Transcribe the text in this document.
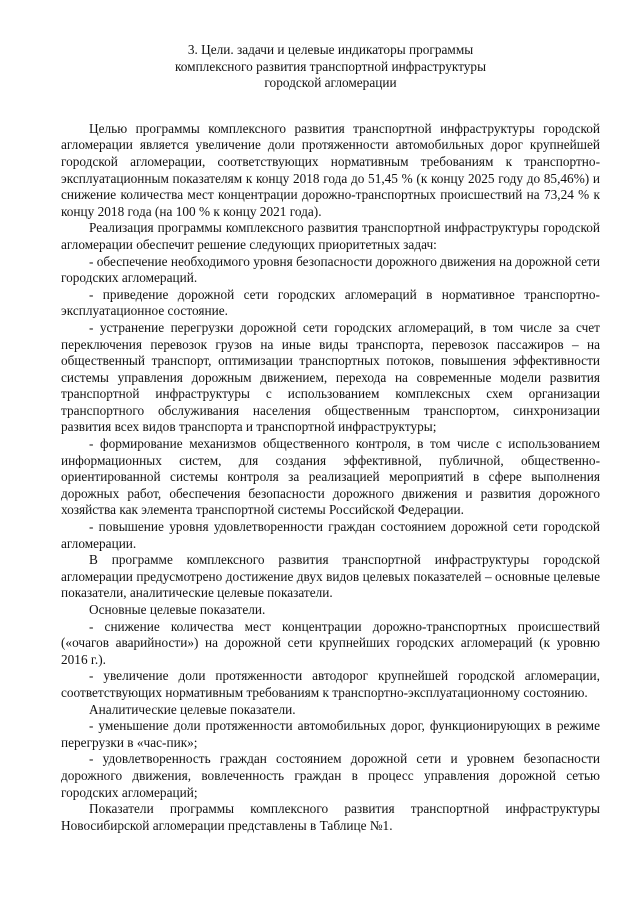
3. Цели. задачи и целевые индикаторы программы
комплексного развития транспортной инфраструктуры
городской агломерации

Целью программы комплексного развития транспортной инфраструктуры городской агломерации является увеличение доли протяженности автомобильных дорог крупнейшей городской агломерации, соответствующих нормативным требованиям к транспортно-эксплуатационным показателям к концу 2018 года до 51,45 % (к концу 2025 году до 85,46%) и снижение количества мест концентрации дорожно-транспортных происшествий на 73,24 % к концу 2018 года (на 100 % к концу 2021 года).

Реализация программы комплексного развития транспортной инфраструктуры городской агломерации обеспечит решение следующих приоритетных задач:

- обеспечение необходимого уровня безопасности дорожного движения на дорожной сети городских агломераций.

- приведение дорожной сети городских агломераций в нормативное транспортно-эксплуатационное состояние.

- устранение перегрузки дорожной сети городских агломераций, в том числе за счет переключения перевозок грузов на иные виды транспорта, перевозок пассажиров – на общественный транспорт, оптимизации транспортных потоков, повышения эффективности системы управления дорожным движением, перехода на современные модели развития транспортной инфраструктуры с использованием комплексных схем организации транспортного обслуживания населения общественным транспортом, синхронизации развития всех видов транспорта и транспортной инфраструктуры;

- формирование механизмов общественного контроля, в том числе с использованием информационных систем, для создания эффективной, публичной, общественно-ориентированной системы контроля за реализацией мероприятий в сфере выполнения дорожных работ, обеспечения безопасности дорожного движения и развития дорожного хозяйства как элемента транспортной системы Российской Федерации.

- повышение уровня удовлетворенности граждан состоянием дорожной сети городской агломерации.

В программе комплексного развития транспортной инфраструктуры городской агломерации предусмотрено достижение двух видов целевых показателей – основные целевые показатели, аналитические целевые показатели.

Основные целевые показатели.

- снижение количества мест концентрации дорожно-транспортных происшествий («очагов аварийности») на дорожной сети крупнейших городских агломераций (к уровню 2016 г.).

- увеличение доли протяженности автодорог крупнейшей городской агломерации, соответствующих нормативным требованиям к транспортно-эксплуатационному состоянию.

Аналитические целевые показатели.

- уменьшение доли протяженности автомобильных дорог, функционирующих в режиме перегрузки в «час-пик»;

- удовлетворенность граждан состоянием дорожной сети и уровнем безопасности дорожного движения, вовлеченность граждан в процесс управления дорожной сетью городских агломераций;

Показатели программы комплексного развития транспортной инфраструктуры Новосибирской агломерации представлены в Таблице №1.
